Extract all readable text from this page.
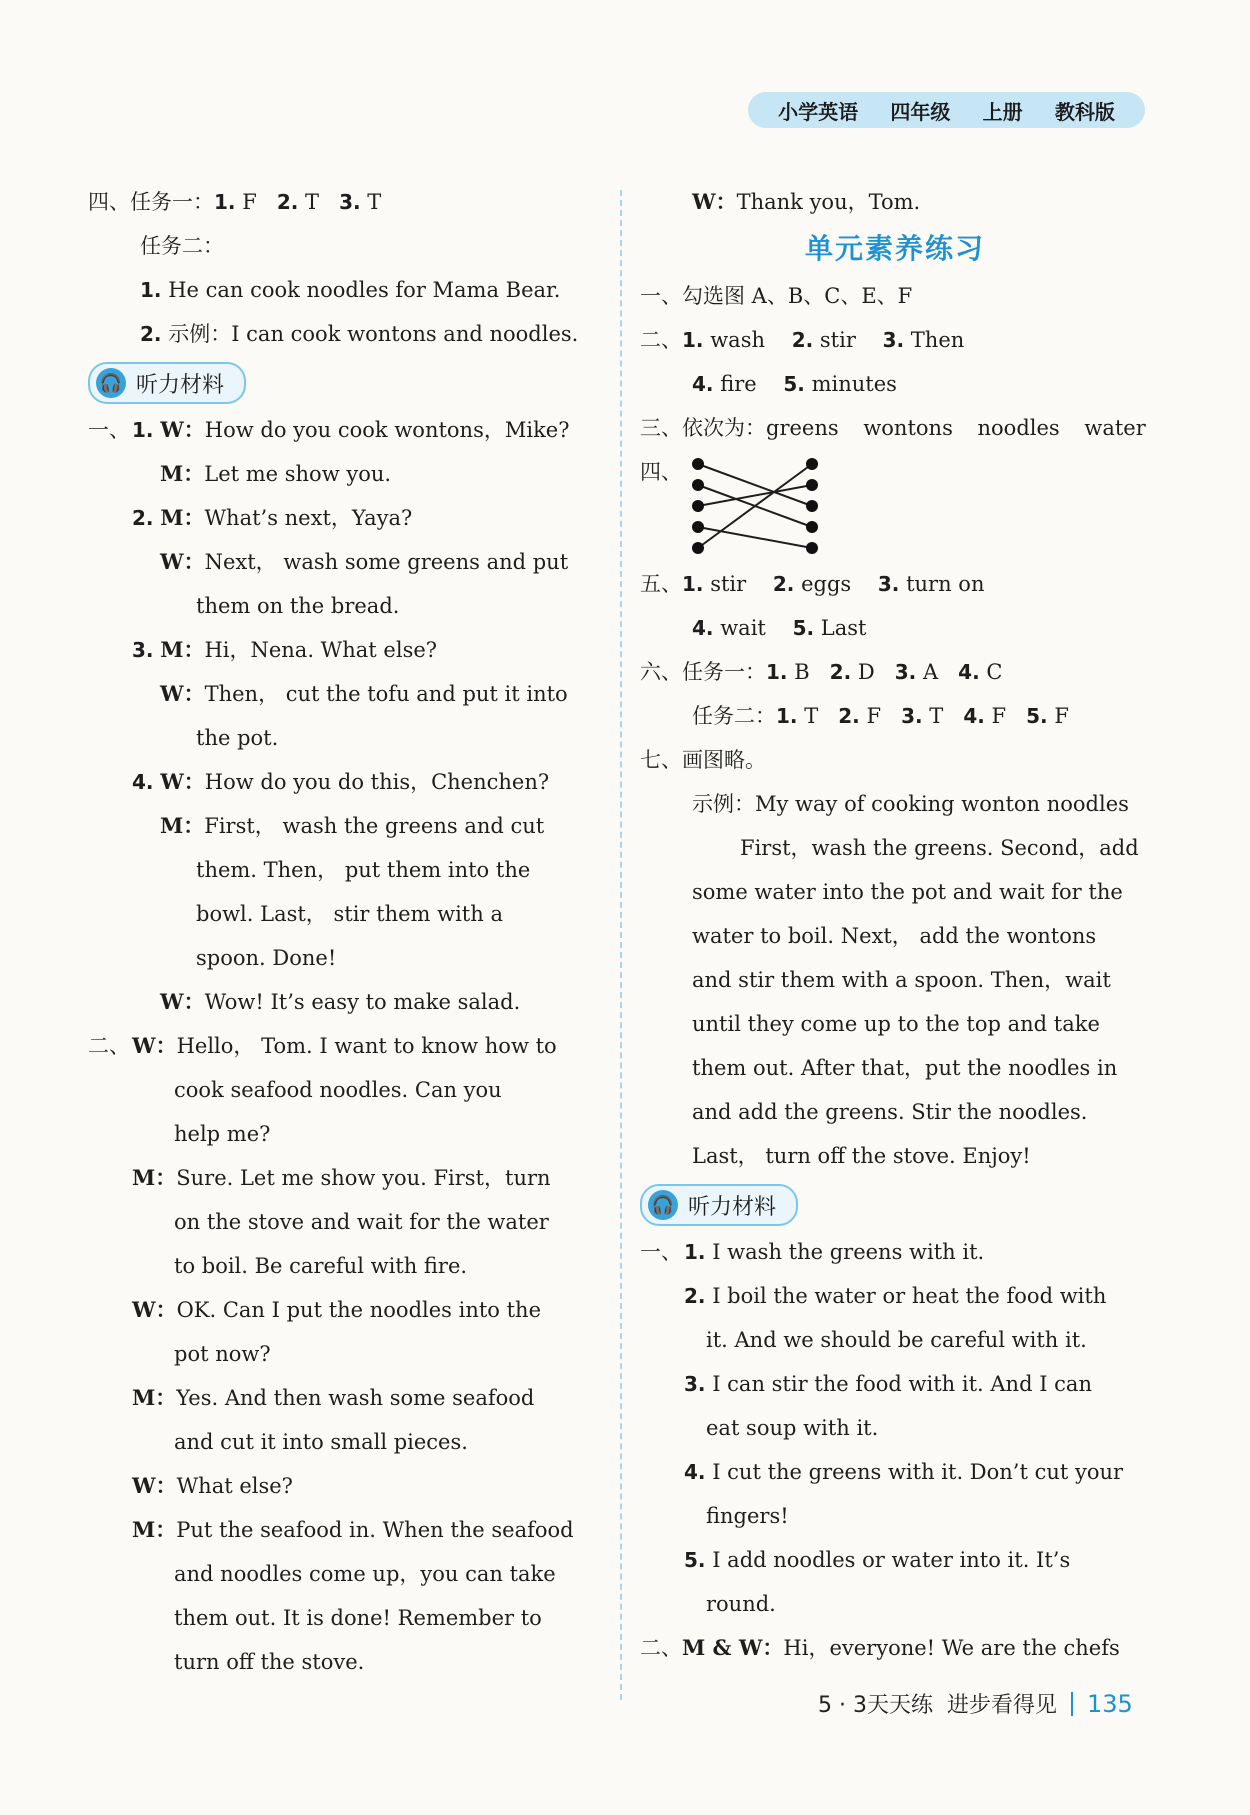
小学英语 四年级 上册 教科版
四、 任务一： 1.
F
2.
T
3.
T
任务二：
1.
He can cook noodles for Mama Bear.
2.
示例：I can cook wontons and noodles.
🎧 听力材料
一、 1.
W： How do you cook wontons，Mike?
M： Let me show you.
2.
M： What’s next，Yaya?
W： Next， wash some greens and put
them on the bread.
3.
M： Hi，Nena. What else?
W： Then， cut the tofu and put it into
the pot.
4.
W： How do you do this，Chenchen?
M： First， wash the greens and cut
them. Then， put them into the
bowl. Last， stir them with a
spoon. Done!
W： Wow! It’s easy to make salad.
二、 W： Hello， Tom. I want to know how to
cook seafood noodles. Can you
help me?
M： Sure. Let me show you. First，turn
on the stove and wait for the water
to boil. Be careful with fire.
W： OK. Can I put the noodles into the
pot now?
M： Yes. And then wash some seafood
and cut it into small pieces.
W： What else?
M： Put the seafood in. When the seafood
and noodles come up，you can take
them out. It is done! Remember to
turn off the stove.
W： Thank you，Tom.
单元素养练习
一、 勾选图 A、B、C、E、F
二、 1.
wash
2.
stir
3.
Then
4.
fire
5.
minutes
三、 依次为：greens wontons noodles water
四、
五、 1.
stir
2.
eggs
3.
turn on
4.
wait
5.
Last
六、 任务一： 1.
B
2.
D
3.
A
4.
C
任务二： 1.
T
2.
F
3.
T
4.
F
5.
F
七、 画图略。
示例：My way of cooking wonton noodles
First，wash the greens. Second，add
some water into the pot and wait for the
water to boil. Next， add the wontons
and stir them with a spoon. Then，wait
until they come up to the top and take
them out. After that，put the noodles in
and add the greens. Stir the noodles.
Last， turn off the stove. Enjoy!
🎧 听力材料
一、 1.
I wash the greens with it.
2.
I boil the water or heat the food with
it. And we should be careful with it.
3.
I can stir the food with it. And I can
eat soup with it.
4.
I cut the greens with it. Don’t cut your
fingers!
5.
I add noodles or water into it. It’s
round.
二、 M & W： Hi，everyone! We are the chefs
5 · 3天天练 进步看得见 135
